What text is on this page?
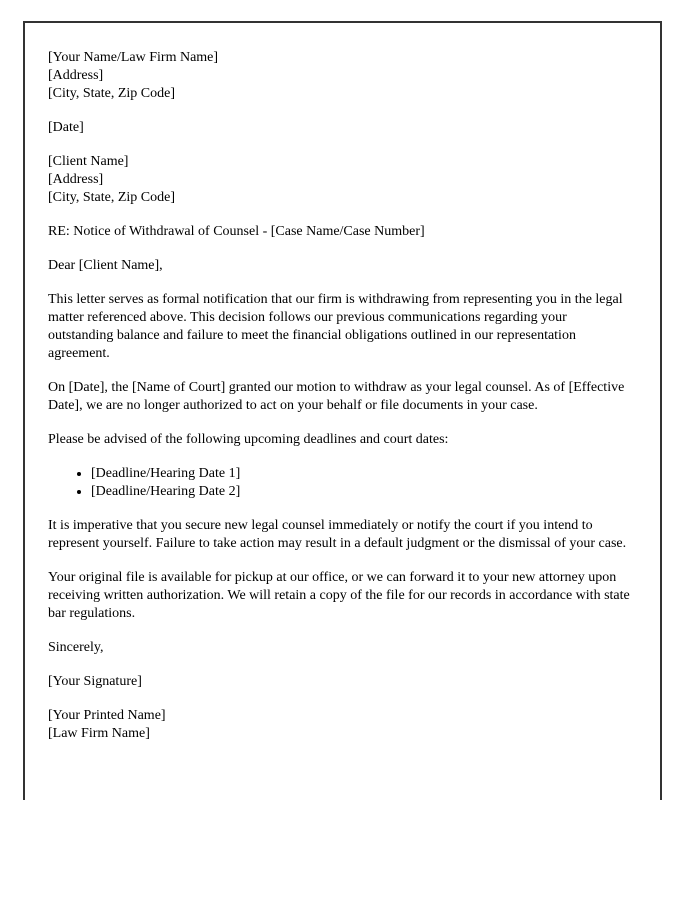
[Your Name/Law Firm Name]
[Address]
[City, State, Zip Code]
[Date]
[Client Name]
[Address]
[City, State, Zip Code]
RE: Notice of Withdrawal of Counsel - [Case Name/Case Number]
Dear [Client Name],

This letter serves as formal notification that our firm is withdrawing from representing you in the legal matter referenced above. This decision follows our previous communications regarding your outstanding balance and failure to meet the financial obligations outlined in our representation agreement.

On [Date], the [Name of Court] granted our motion to withdraw as your legal counsel. As of [Effective Date], we are no longer authorized to act on your behalf or file documents in your case.

Please be advised of the following upcoming deadlines and court dates:

• [Deadline/Hearing Date 1]
• [Deadline/Hearing Date 2]

It is imperative that you secure new legal counsel immediately or notify the court if you intend to represent yourself. Failure to take action may result in a default judgment or the dismissal of your case.

Your original file is available for pickup at our office, or we can forward it to your new attorney upon receiving written authorization. We will retain a copy of the file for our records in accordance with state bar regulations.

Sincerely,
[Your Signature]
[Your Printed Name]
[Law Firm Name]
